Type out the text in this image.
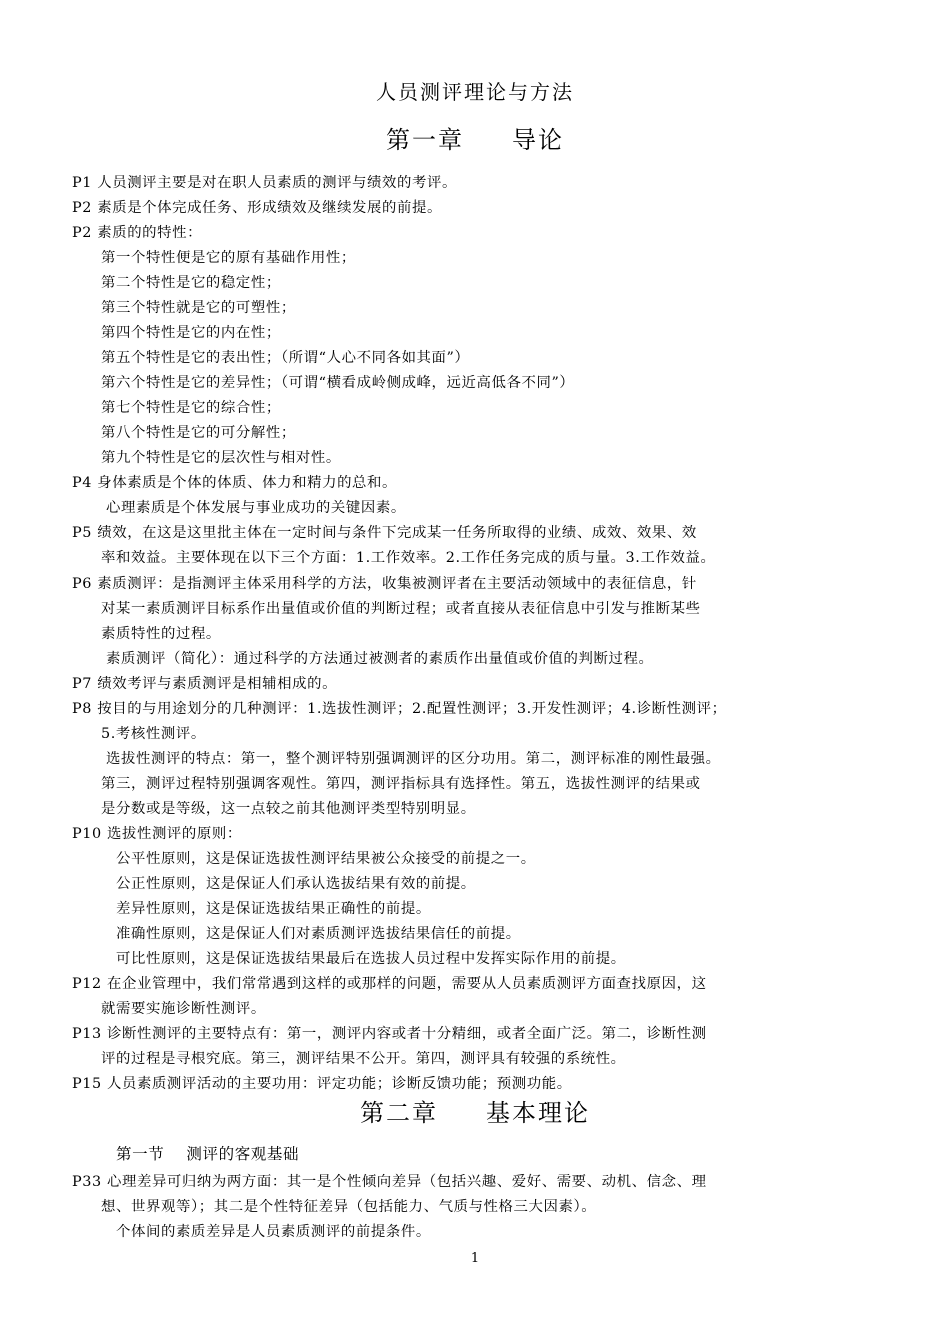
人员测评理论与方法
第一章 导论
P1 人员测评主要是对在职人员素质的测评与绩效的考评。
P2 素质是个体完成任务、形成绩效及继续发展的前提。
P2 素质的的特性：
第一个特性便是它的原有基础作用性；
第二个特性是它的稳定性；
第三个特性就是它的可塑性；
第四个特性是它的内在性；
第五个特性是它的表出性；（所谓“人心不同各如其面”）
第六个特性是它的差异性；（可谓“横看成岭侧成峰，远近高低各不同”）
第七个特性是它的综合性；
第八个特性是它的可分解性；
第九个特性是它的层次性与相对性。
P4 身体素质是个体的体质、体力和精力的总和。
心理素质是个体发展与事业成功的关键因素。
P5 绩效，在这是这里批主体在一定时间与条件下完成某一任务所取得的业绩、成效、效果、效
率和效益。主要体现在以下三个方面：1.工作效率。2.工作任务完成的质与量。3.工作效益。
P6 素质测评：是指测评主体采用科学的方法，收集被测评者在主要活动领域中的表征信息，针
对某一素质测评目标系作出量值或价值的判断过程；或者直接从表征信息中引发与推断某些
素质特性的过程。
素质测评（简化）：通过科学的方法通过被测者的素质作出量值或价值的判断过程。
P7 绩效考评与素质测评是相辅相成的。
P8 按目的与用途划分的几种测评：1.选拔性测评；2.配置性测评；3.开发性测评；4.诊断性测评；
5.考核性测评。
选拔性测评的特点：第一，整个测评特别强调测评的区分功用。第二，测评标准的刚性最强。
第三，测评过程特别强调客观性。第四，测评指标具有选择性。第五，选拔性测评的结果或
是分数或是等级，这一点较之前其他测评类型特别明显。
P10 选拔性测评的原则：
公平性原则，这是保证选拔性测评结果被公众接受的前提之一。
公正性原则，这是保证人们承认选拔结果有效的前提。
差异性原则，这是保证选拔结果正确性的前提。
准确性原则，这是保证人们对素质测评选拔结果信任的前提。
可比性原则，这是保证选拔结果最后在选拔人员过程中发挥实际作用的前提。
P12 在企业管理中，我们常常遇到这样的或那样的问题，需要从人员素质测评方面查找原因，这
就需要实施诊断性测评。
P13 诊断性测评的主要特点有：第一，测评内容或者十分精细，或者全面广泛。第二，诊断性测
评的过程是寻根究底。第三，测评结果不公开。第四，测评具有较强的系统性。
P15 人员素质测评活动的主要功用：评定功能；诊断反馈功能；预测功能。
第二章 基本理论
第一节    测评的客观基础
P33 心理差异可归纳为两方面：其一是个性倾向差异（包括兴趣、爱好、需要、动机、信念、理
想、世界观等）；其二是个性特征差异（包括能力、气质与性格三大因素）。
个体间的素质差异是人员素质测评的前提条件。
1
